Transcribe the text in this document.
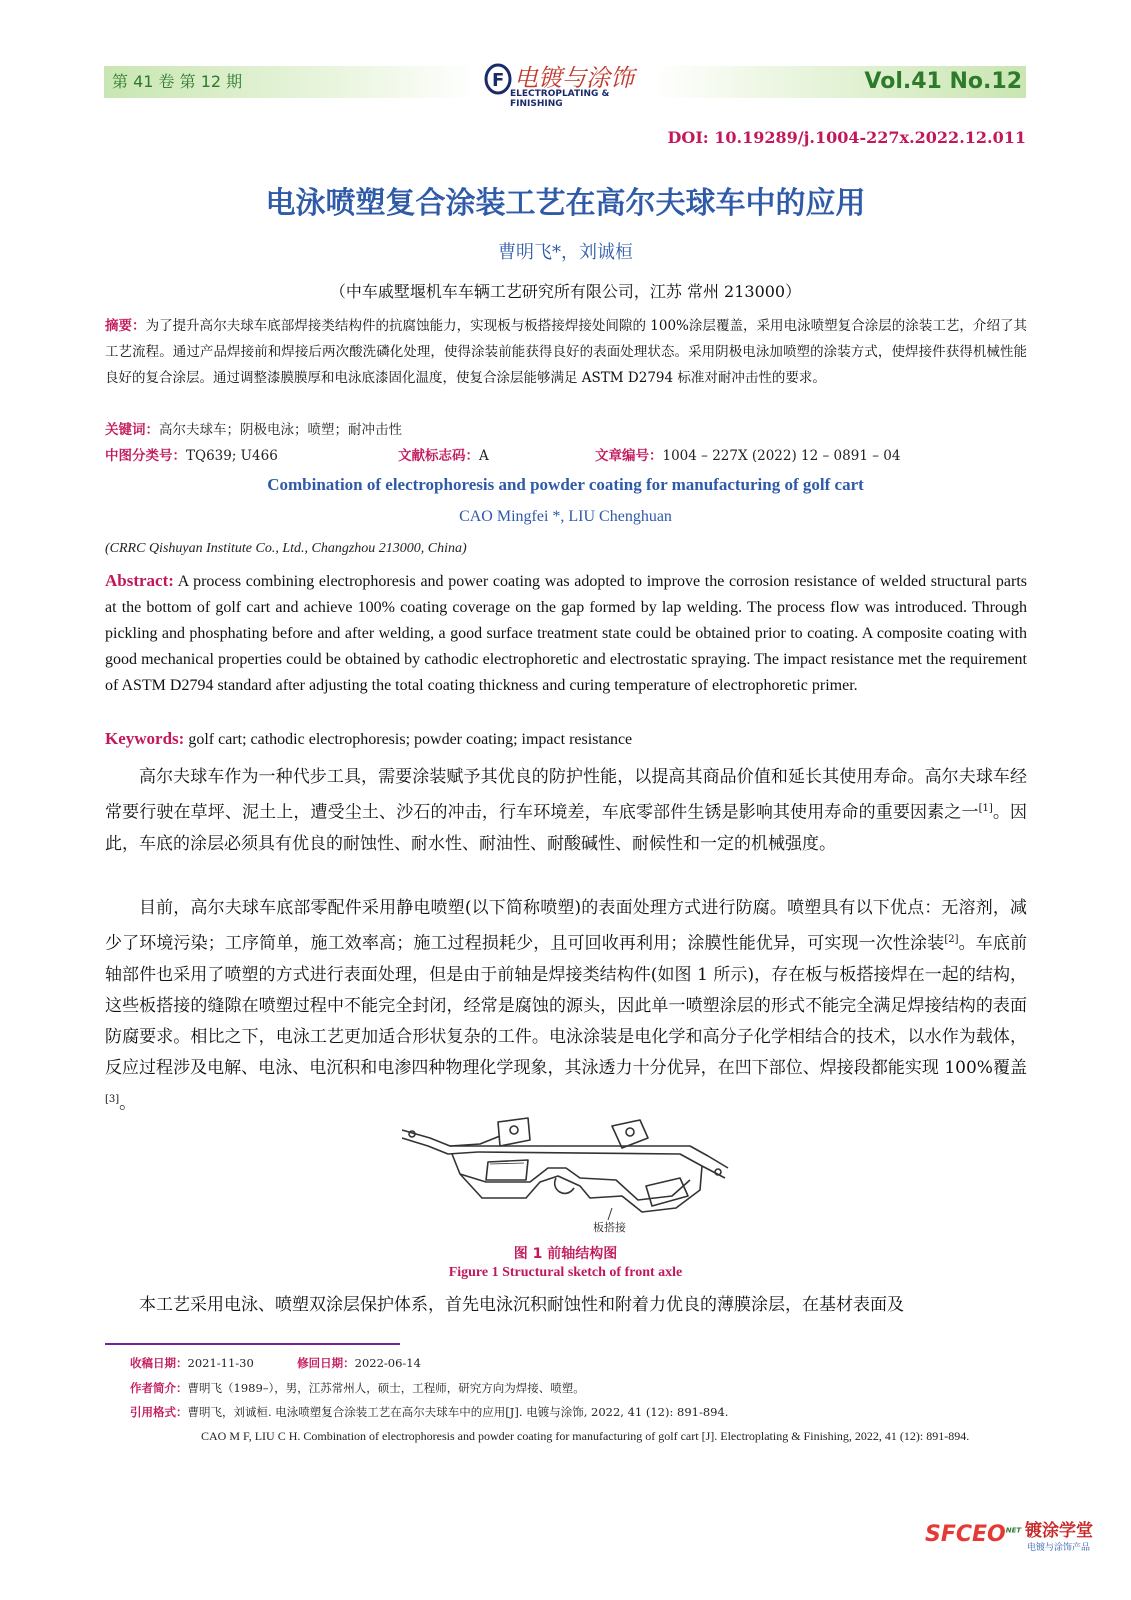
第 41 卷 第 12 期	F 电镀与涂饰
ELECTROPLATING & FINISHING
Vol.41 No.12
DOI: 10.19289/j.1004-227x.2022.12.011
电泳喷塑复合涂装工艺在高尔夫球车中的应用
曹明飞*，刘诚桓
（中车戚墅堰机车车辆工艺研究所有限公司，江苏 常州 213000）
摘要：为了提升高尔夫球车底部焊接类结构件的抗腐蚀能力，实现板与板搭接焊接处间隙的 100%涂层覆盖，采用电泳喷塑复合涂层的涂装工艺，介绍了其工艺流程。通过产品焊接前和焊接后两次酸洗磷化处理，使得涂装前能获得良好的表面处理状态。采用阴极电泳加喷塑的涂装方式，使焊接件获得机械性能良好的复合涂层。通过调整漆膜膜厚和电泳底漆固化温度，使复合涂层能够满足 ASTM D2794 标准对耐冲击性的要求。
关键词：高尔夫球车；阴极电泳；喷塑；耐冲击性
中图分类号：TQ639; U466	文献标志码：A	文章编号：1004 – 227X (2022) 12 – 0891 – 04
Combination of electrophoresis and powder coating for manufacturing of golf cart
CAO Mingfei *, LIU Chenghuan
(CRRC Qishuyan Institute Co., Ltd., Changzhou 213000, China)
Abstract: A process combining electrophoresis and power coating was adopted to improve the corrosion resistance of welded structural parts at the bottom of golf cart and achieve 100% coating coverage on the gap formed by lap welding. The process flow was introduced. Through pickling and phosphating before and after welding, a good surface treatment state could be obtained prior to coating. A composite coating with good mechanical properties could be obtained by cathodic electrophoretic and electrostatic spraying. The impact resistance met the requirement of ASTM D2794 standard after adjusting the total coating thickness and curing temperature of electrophoretic primer.
Keywords: golf cart; cathodic electrophoresis; powder coating; impact resistance

高尔夫球车作为一种代步工具，需要涂装赋予其优良的防护性能，以提高其商品价值和延长其使用寿命。高尔夫球车经常要行驶在草坪、泥土上，遭受尘土、沙石的冲击，行车环境差，车底零部件生锈是影响其使用寿命的重要因素之一[1]。因此，车底的涂层必须具有优良的耐蚀性、耐水性、耐油性、耐酸碱性、耐候性和一定的机械强度。

目前，高尔夫球车底部零配件采用静电喷塑(以下简称喷塑)的表面处理方式进行防腐。喷塑具有以下优点：无溶剂，减少了环境污染；工序简单，施工效率高；施工过程损耗少，且可回收再利用；涂膜性能优异，可实现一次性涂装[2]。车底前轴部件也采用了喷塑的方式进行表面处理，但是由于前轴是焊接类结构件(如图 1 所示)，存在板与板搭接焊在一起的结构，这些板搭接的缝隙在喷塑过程中不能完全封闭，经常是腐蚀的源头，因此单一喷塑涂层的形式不能完全满足焊接结构的表面防腐要求。相比之下，电泳工艺更加适合形状复杂的工件。电泳涂装是电化学和高分子化学相结合的技术，以水作为载体，反应过程涉及电解、电泳、电沉积和电渗四种物理化学现象，其泳透力十分优异，在凹下部位、焊接段都能实现 100%覆盖[3]。

板搭接
图 1 前轴结构图
Figure 1 Structural sketch of front axle

本工艺采用电泳、喷塑双涂层保护体系，首先电泳沉积耐蚀性和附着力优良的薄膜涂层，在基材表面及

收稿日期：2021-11-30	修回日期：2022-06-14
作者简介：曹明飞（1989–），男，江苏常州人，硕士，工程师，研究方向为焊接、喷塑。
引用格式：曹明飞，刘诚桓. 电泳喷塑复合涂装工艺在高尔夫球车中的应用[J]. 电镀与涂饰, 2022, 41 (12): 891-894.
CAO M F, LIU C H. Combination of electrophoresis and powder coating for manufacturing of golf cart [J]. Electroplating & Finishing, 2022, 41 (12): 891-894.
$SFCEO^{NET}$ 镀涂学堂
电镀与涂饰产品
